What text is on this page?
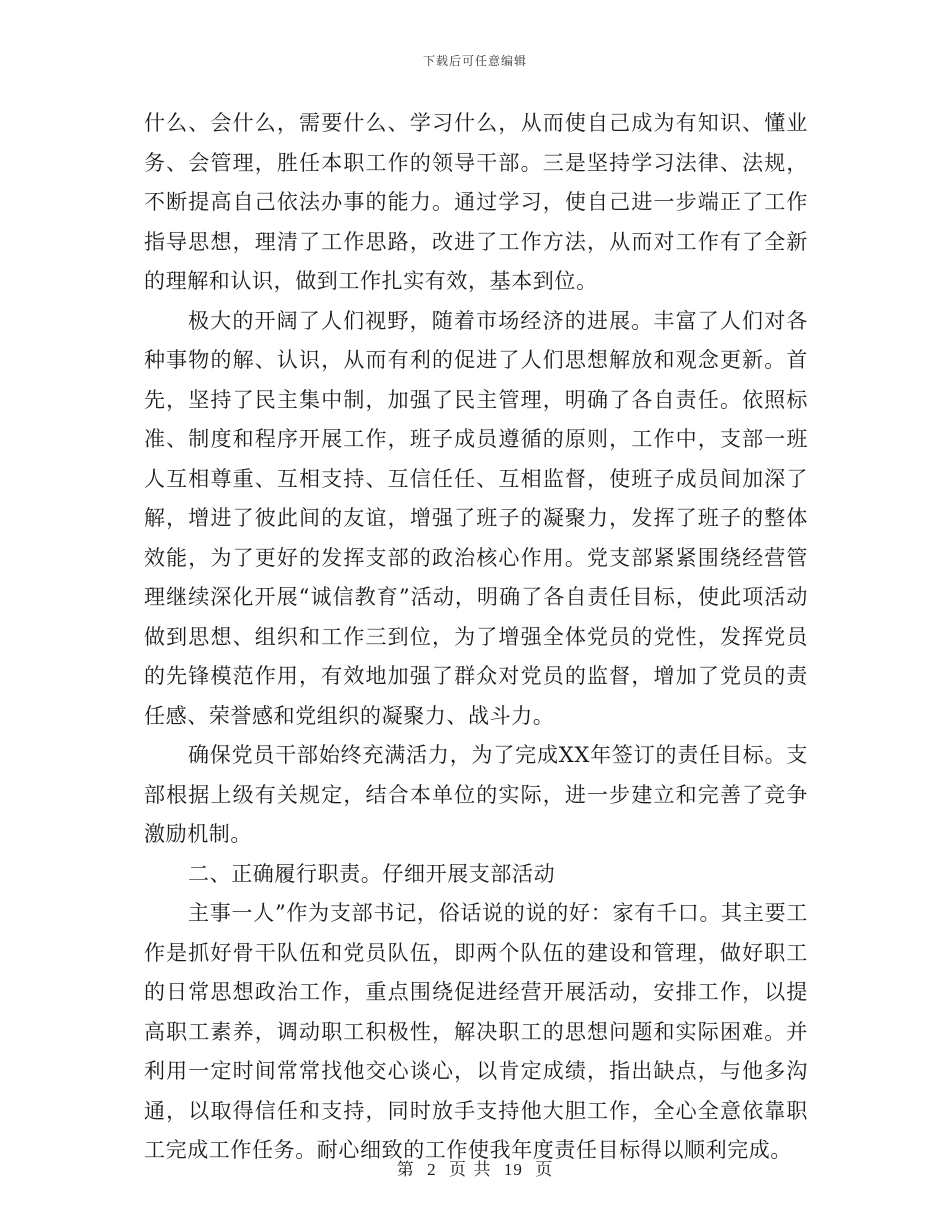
下载后可任意编辑

什么、会什么，需要什么、学习什么，从而使自己成为有知识、懂业务、会管理，胜任本职工作的领导干部。三是坚持学习法律、法规，不断提高自己依法办事的能力。通过学习，使自己进一步端正了工作指导思想，理清了工作思路，改进了工作方法，从而对工作有了全新的理解和认识，做到工作扎实有效，基本到位。

极大的开阔了人们视野，随着市场经济的进展。丰富了人们对各种事物的解、认识，从而有利的促进了人们思想解放和观念更新。首先，坚持了民主集中制，加强了民主管理，明确了各自责任。依照标准、制度和程序开展工作，班子成员遵循的原则，工作中，支部一班人互相尊重、互相支持、互信任任、互相监督，使班子成员间加深了解，增进了彼此间的友谊，增强了班子的凝聚力，发挥了班子的整体效能，为了更好的发挥支部的政治核心作用。党支部紧紧围绕经营管理继续深化开展“诚信教育”活动，明确了各自责任目标，使此项活动做到思想、组织和工作三到位，为了增强全体党员的党性，发挥党员的先锋模范作用，有效地加强了群众对党员的监督，增加了党员的责任感、荣誉感和党组织的凝聚力、战斗力。

确保党员干部始终充满活力，为了完成XX年签订的责任目标。支部根据上级有关规定，结合本单位的实际，进一步建立和完善了竞争激励机制。

二、正确履行职责。仔细开展支部活动

主事一人”作为支部书记，俗话说的说的好：家有千口。其主要工作是抓好骨干队伍和党员队伍，即两个队伍的建设和管理，做好职工的日常思想政治工作，重点围绕促进经营开展活动，安排工作，以提高职工素养，调动职工积极性，解决职工的思想问题和实际困难。并利用一定时间常常找他交心谈心，以肯定成绩，指出缺点，与他多沟通，以取得信任和支持，同时放手支持他大胆工作，全心全意依靠职工完成工作任务。耐心细致的工作使我年度责任目标得以顺利完成。

第 2 页 共 19 页
